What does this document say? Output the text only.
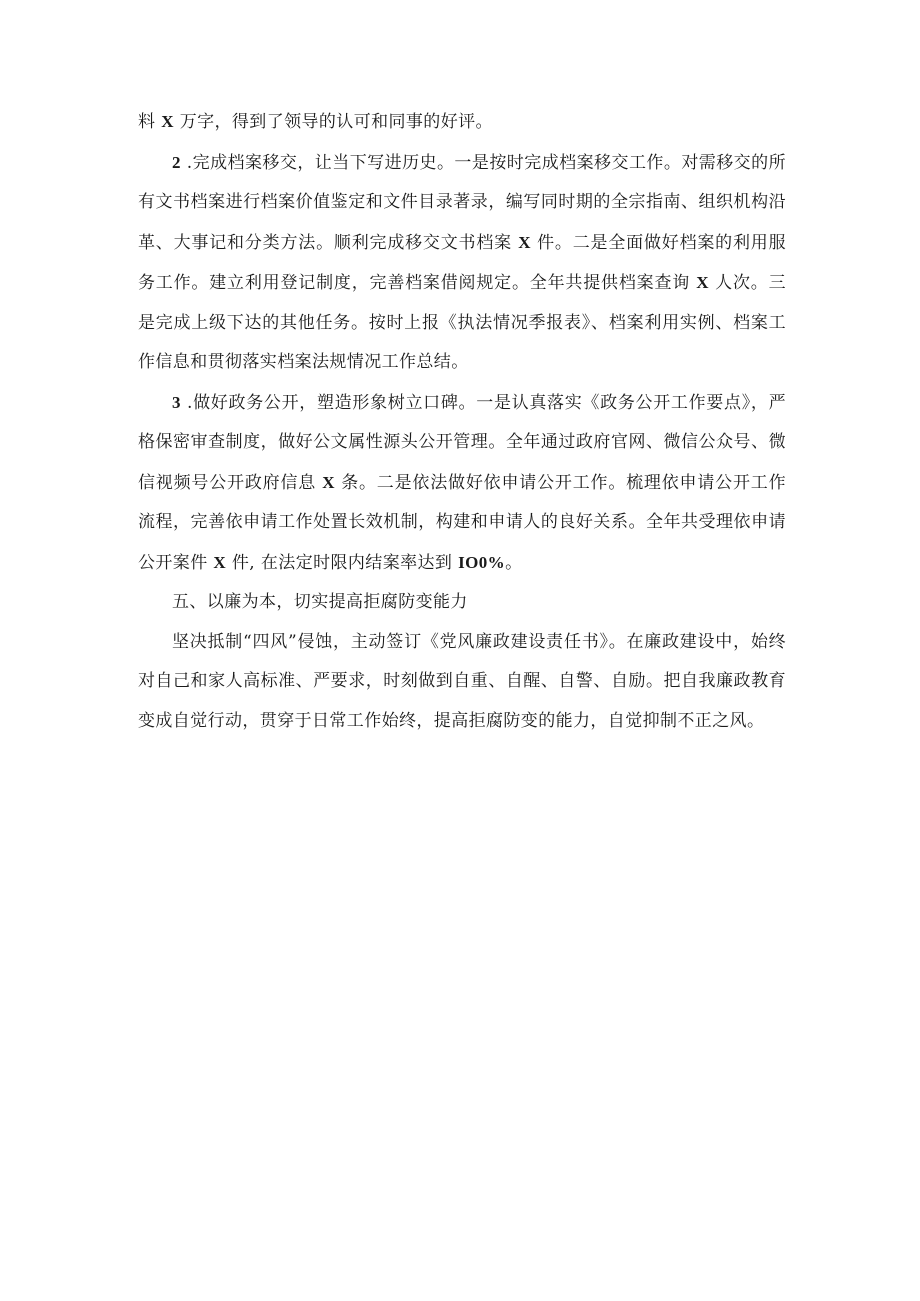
料 X 万字，得到了领导的认可和同事的好评。

2 .完成档案移交，让当下写进历史。一是按时完成档案移交工作。对需移交的所有文书档案进行档案价值鉴定和文件目录著录，编写同时期的全宗指南、组织机构沿革、大事记和分类方法。顺利完成移交文书档案 X 件。二是全面做好档案的利用服务工作。建立利用登记制度，完善档案借阅规定。全年共提供档案查询 X 人次。三是完成上级下达的其他任务。按时上报《执法情况季报表》、档案利用实例、档案工作信息和贯彻落实档案法规情况工作总结。

3 .做好政务公开，塑造形象树立口碑。一是认真落实《政务公开工作要点》，严格保密审查制度，做好公文属性源头公开管理。全年通过政府官网、微信公众号、微信视频号公开政府信息 X 条。二是依法做好依申请公开工作。梳理依申请公开工作流程，完善依申请工作处置长效机制，构建和申请人的良好关系。全年共受理依申请公开案件 X 件, 在法定时限内结案率达到 IO0%。

五、以廉为本，切实提高拒腐防变能力

坚决抵制“四风”侵蚀，主动签订《党风廉政建设责任书》。在廉政建设中，始终对自己和家人高标准、严要求，时刻做到自重、自醒、自警、自励。把自我廉政教育变成自觉行动，贯穿于日常工作始终，提高拒腐防变的能力，自觉抑制不正之风。
